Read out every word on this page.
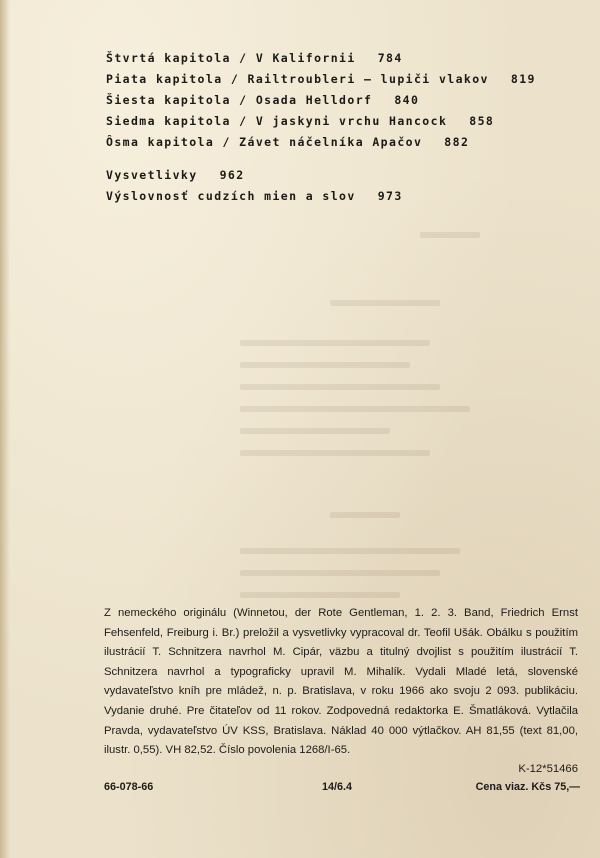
Štvrtá kapitola / V Kalifornii 784
Piata kapitola / Railtroubleri — lupiči vlakov 819
Šiesta kapitola / Osada Helldorf 840
Siedma kapitola / V jaskyni vrchu Hancock 858
Ôsma kapitola / Závet náčelníka Apačov 882
Vysvetlivky 962
Výslovnosť cudzích mien a slov 973

Z nemeckého originálu (Winnetou, der Rote Gentleman, 1. 2. 3. Band, Friedrich Ernst Fehsenfeld, Freiburg i. Br.) preložil a vysvetlivky vypracoval dr. Teofil Ušák. Obálku s použitím ilustrácií T. Schnitzera navrhol M. Cipár, väzbu a titulný dvojlist s použitím ilustrácií T. Schnitzera navrhol a typograficky upravil M. Mihalík. Vydali Mladé letá, slovenské vydavateľstvo kníh pre mládež, n. p. Bratislava, v roku 1966 ako svoju 2 093. publikáciu. Vydanie druhé. Pre čitateľov od 11 rokov. Zodpovedná redaktorka E. Šmatláková. Vytlačila Pravda, vydavateľstvo ÚV KSS, Bratislava. Náklad 40 000 výtlačkov. AH 81,55 (text 81,00, ilustr. 0,55). VH 82,52. Číslo povolenia 1268/I-65.

K-12*51466
66-078-66	14/6.4	Cena viaz. Kčs 75,—
